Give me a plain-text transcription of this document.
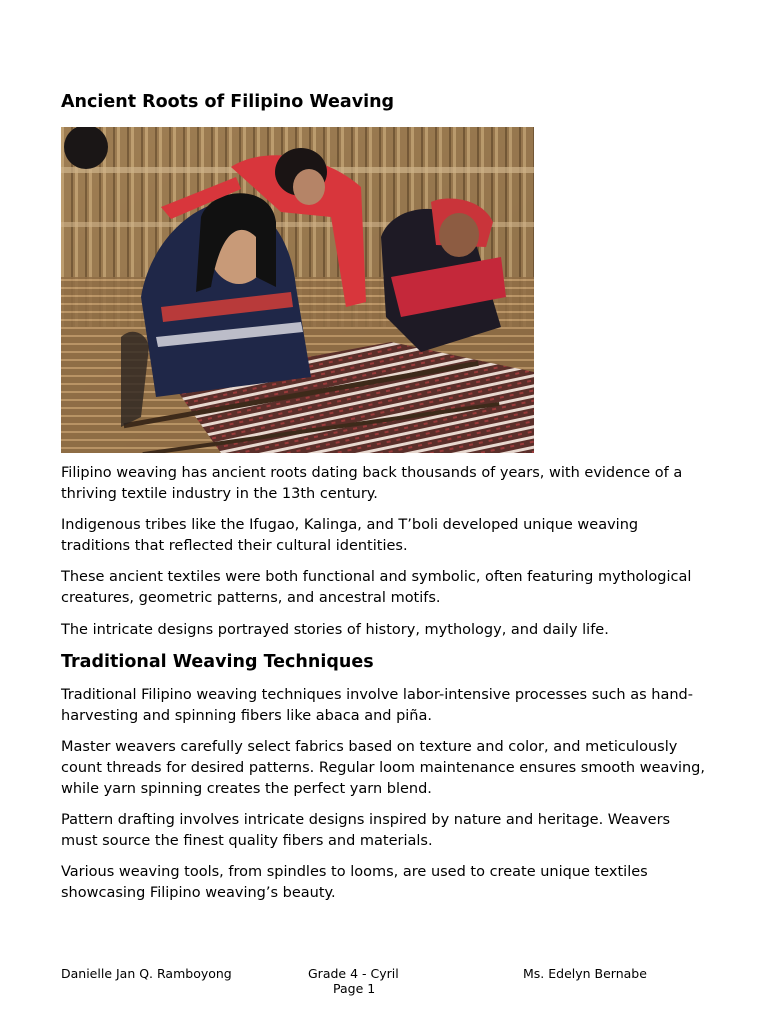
Ancient Roots of Filipino Weaving

Filipino weaving has ancient roots dating back thousands of years, with evidence of a thriving textile industry in the 13th century.

Indigenous tribes like the Ifugao, Kalinga, and T’boli developed unique weaving traditions that reflected their cultural identities.

These ancient textiles were both functional and symbolic, often featuring mythological creatures, geometric patterns, and ancestral motifs.

The intricate designs portrayed stories of history, mythology, and daily life.

Traditional Weaving Techniques

Traditional Filipino weaving techniques involve labor-intensive processes such as hand-harvesting and spinning fibers like abaca and piña.

Master weavers carefully select fabrics based on texture and color, and meticulously count threads for desired patterns. Regular loom maintenance ensures smooth weaving, while yarn spinning creates the perfect yarn blend.

Pattern drafting involves intricate designs inspired by nature and heritage. Weavers must source the finest quality fibers and materials.

Various weaving tools, from spindles to looms, are used to create unique textiles showcasing Filipino weaving’s beauty.

Danielle Jan Q. Ramboyong	Grade 4 - Cyril
Page 1
Ms. Edelyn Bernabe
